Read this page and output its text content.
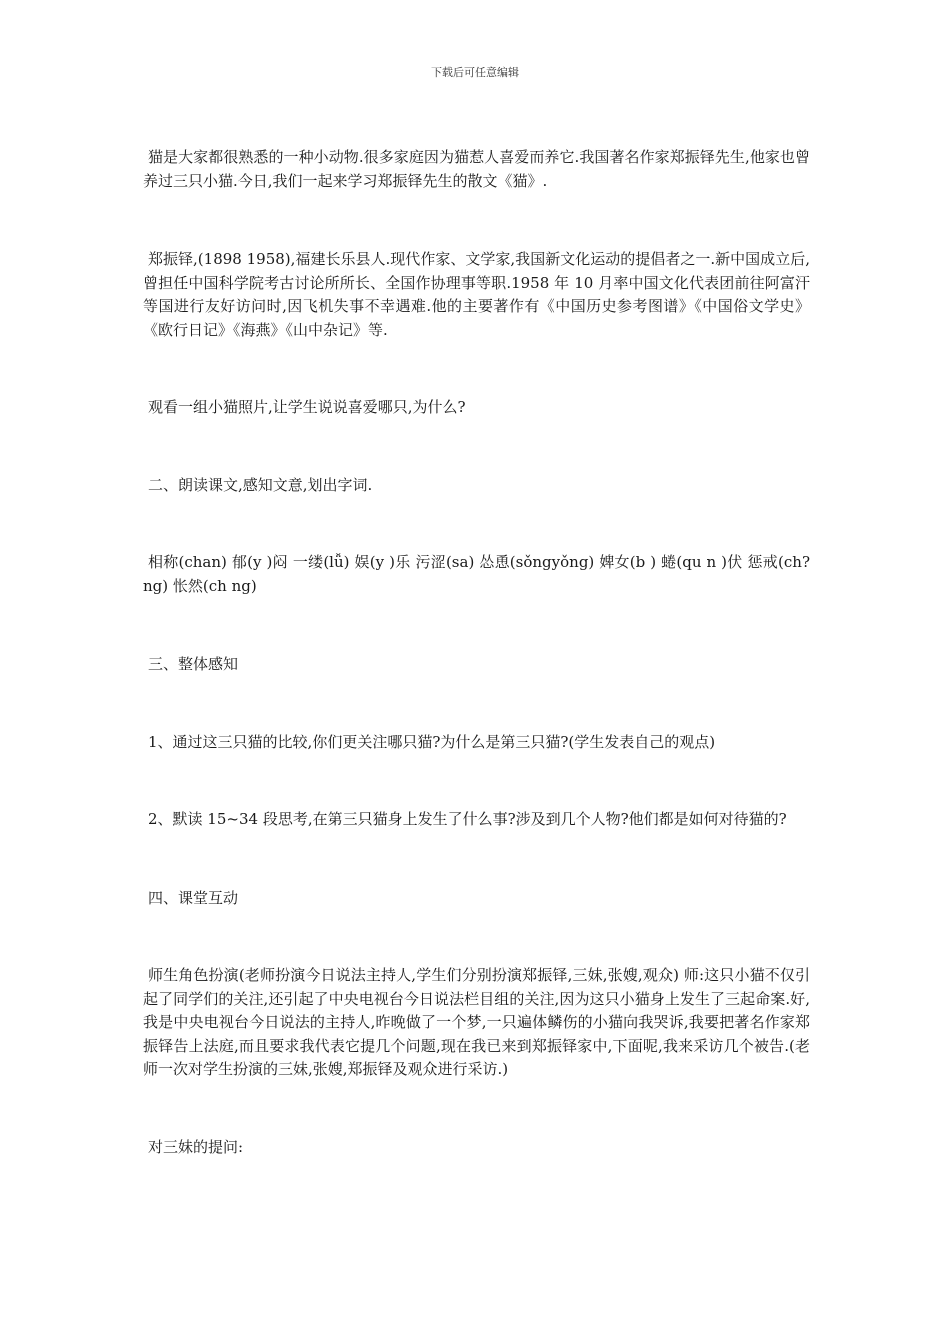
下载后可任意编辑

猫是大家都很熟悉的一种小动物.很多家庭因为猫惹人喜爱而养它.我国著名作家郑振铎先生,他家也曾养过三只小猫.今日,我们一起来学习郑振铎先生的散文《猫》.

郑振铎,(1898 1958),福建长乐县人.现代作家、文学家,我国新文化运动的提倡者之一.新中国成立后,曾担任中国科学院考古讨论所所长、全国作协理事等职.1958 年 10 月率中国文化代表团前往阿富汗等国进行友好访问时,因飞机失事不幸遇难.他的主要著作有《中国历史参考图谱》《中国俗文学史》《欧行日记》《海燕》《山中杂记》等.

观看一组小猫照片,让学生说说喜爱哪只,为什么?

二、朗读课文,感知文意,划出字词.

相称(chan) 郁(y )闷 一缕(lǚ) 娱(y )乐 污涩(sa) 怂恿(sǒngyǒng) 婢女(b ) 蜷(qu n )伏 惩戒(ch?ng) 怅然(ch ng)

三、整体感知

1、通过这三只猫的比较,你们更关注哪只猫?为什么是第三只猫?(学生发表自己的观点)

2、默读 15~34 段思考,在第三只猫身上发生了什么事?涉及到几个人物?他们都是如何对待猫的?

四、课堂互动

师生角色扮演(老师扮演今日说法主持人,学生们分别扮演郑振铎,三妹,张嫂,观众) 师:这只小猫不仅引起了同学们的关注,还引起了中央电视台今日说法栏目组的关注,因为这只小猫身上发生了三起命案.好,我是中央电视台今日说法的主持人,昨晚做了一个梦,一只遍体鳞伤的小猫向我哭诉,我要把著名作家郑振铎告上法庭,而且要求我代表它提几个问题,现在我已来到郑振铎家中,下面呢,我来采访几个被告.(老师一次对学生扮演的三妹,张嫂,郑振铎及观众进行采访.)

对三妹的提问:
